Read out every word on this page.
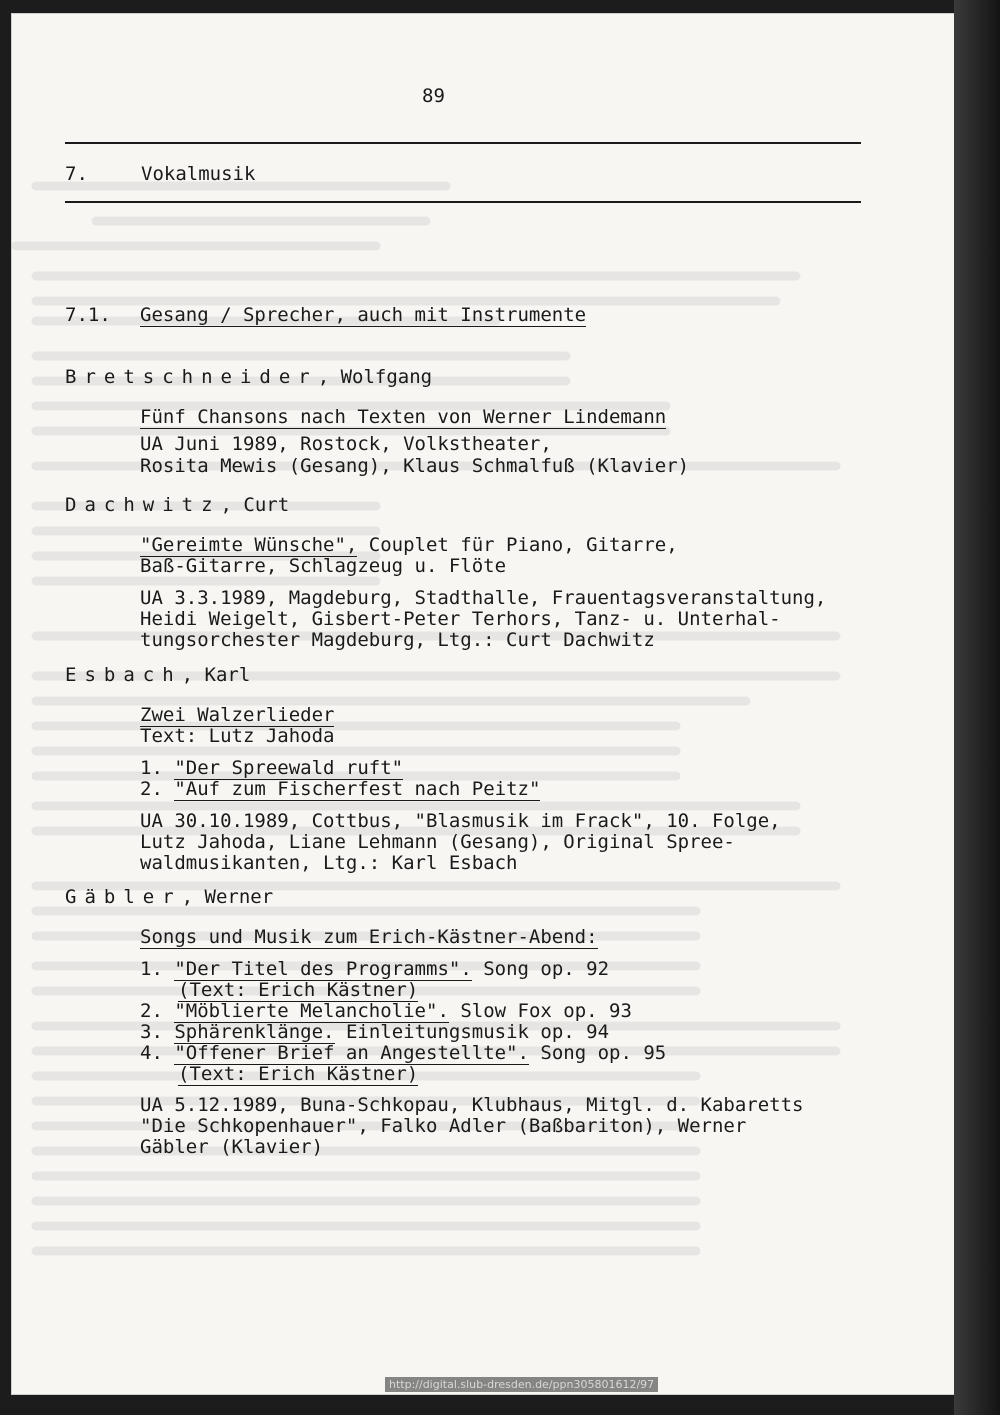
89
7.	Vokalmusik
7.1. Gesang / Sprecher, auch mit Instrumente
Bretschneider, Wolfgang
Fünf Chansons nach Texten von Werner Lindemann
UA Juni 1989, Rostock, Volkstheater,
Rosita Mewis (Gesang), Klaus Schmalfuß (Klavier)
Dachwitz, Curt
"Gereimte Wünsche", Couplet für Piano, Gitarre,
Baß-Gitarre, Schlagzeug u. Flöte
UA 3.3.1989, Magdeburg, Stadthalle, Frauentagsveranstaltung,
Heidi Weigelt, Gisbert-Peter Terhors, Tanz- u. Unterhal-
tungsorchester Magdeburg, Ltg.: Curt Dachwitz
Esbach, Karl
Zwei Walzerlieder
Text: Lutz Jahoda
1. "Der Spreewald ruft"
2. "Auf zum Fischerfest nach Peitz"
UA 30.10.1989, Cottbus, "Blasmusik im Frack", 10. Folge,
Lutz Jahoda, Liane Lehmann (Gesang), Original Spree-
waldmusikanten, Ltg.: Karl Esbach
Gäbler, Werner
Songs und Musik zum Erich-Kästner-Abend:
1. "Der Titel des Programms". Song op. 92
(Text: Erich Kästner)
2. "Möblierte Melancholie". Slow Fox op. 93
3. Sphärenklänge. Einleitungsmusik op. 94
4. "Offener Brief an Angestellte". Song op. 95
(Text: Erich Kästner)
UA 5.12.1989, Buna-Schkopau, Klubhaus, Mitgl. d. Kabaretts
"Die Schkopenhauer", Falko Adler (Baßbariton), Werner
Gäbler (Klavier)
http://digital.slub-dresden.de/ppn305801612/97
